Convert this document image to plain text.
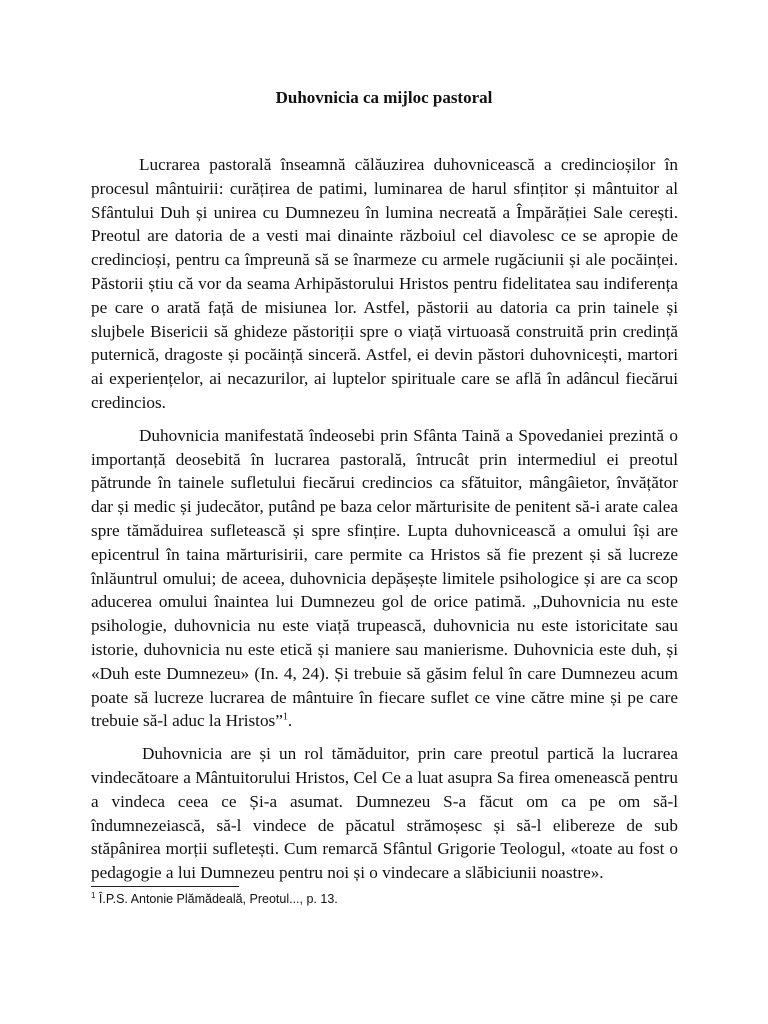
Duhovnicia ca mijloc pastoral

Lucrarea pastorală înseamnă călăuzirea duhovnicească a credincioșilor în procesul mântuirii: curățirea de patimi, luminarea de harul sfințitor și mântuitor al Sfântului Duh și unirea cu Dumnezeu în lumina necreată a Împărăției Sale cerești. Preotul are datoria de a vesti mai dinainte războiul cel diavolesc ce se apropie de credincioși, pentru ca împreună să se înarmeze cu armele rugăciunii și ale pocăinței. Păstorii știu că vor da seama Arhipăstorului Hristos pentru fidelitatea sau indiferența pe care o arată față de misiunea lor. Astfel, păstorii au datoria ca prin tainele și slujbele Bisericii să ghideze păstoriții spre o viață virtuoasă construită prin credință puternică, dragoste și pocăință sinceră. Astfel, ei devin păstori duhovnicești, martori ai experiențelor, ai necazurilor, ai luptelor spirituale care se află în adâncul fiecărui credincios.

Duhovnicia manifestată îndeosebi prin Sfânta Taină a Spovedaniei prezintă o importanță deosebită în lucrarea pastorală, întrucât prin intermediul ei preotul pătrunde în tainele sufletului fiecărui credincios ca sfătuitor, mângâietor, învățător dar și medic și judecător, putând pe baza celor mărturisite de penitent să-i arate calea spre tămăduirea sufletească și spre sfințire. Lupta duhovnicească a omului își are epicentrul în taina mărturisirii, care permite ca Hristos să fie prezent și să lucreze înlăuntrul omului; de aceea, duhovnicia depășește limitele psihologice și are ca scop aducerea omului înaintea lui Dumnezeu gol de orice patimă. „Duhovnicia nu este psihologie, duhovnicia nu este viață trupească, duhovnicia nu este istoricitate sau istorie, duhovnicia nu este etică și maniere sau manierisme. Duhovnicia este duh, și «Duh este Dumnezeu» (In. 4, 24). Și trebuie să găsim felul în care Dumnezeu acum poate să lucreze lucrarea de mântuire în fiecare suflet ce vine către mine și pe care trebuie să-l aduc la Hristos”$^1$.

Duhovnicia are și un rol tămăduitor, prin care preotul partică la lucrarea vindecătoare a Mântuitorului Hristos, Cel Ce a luat asupra Sa firea omenească pentru a vindeca ceea ce Și-a asumat. Dumnezeu S-a făcut om ca pe om să-l îndumnezeiască, să-l vindece de păcatul strămoșesc și să-l elibereze de sub stăpânirea morții sufletești. Cum remarcă Sfântul Grigorie Teologul, «toate au fost o pedagogie a lui Dumnezeu pentru noi și o vindecare a slăbiciunii noastre».

$^1$ Î.P.S. Antonie Plămădeală, Preotul..., p. 13.
